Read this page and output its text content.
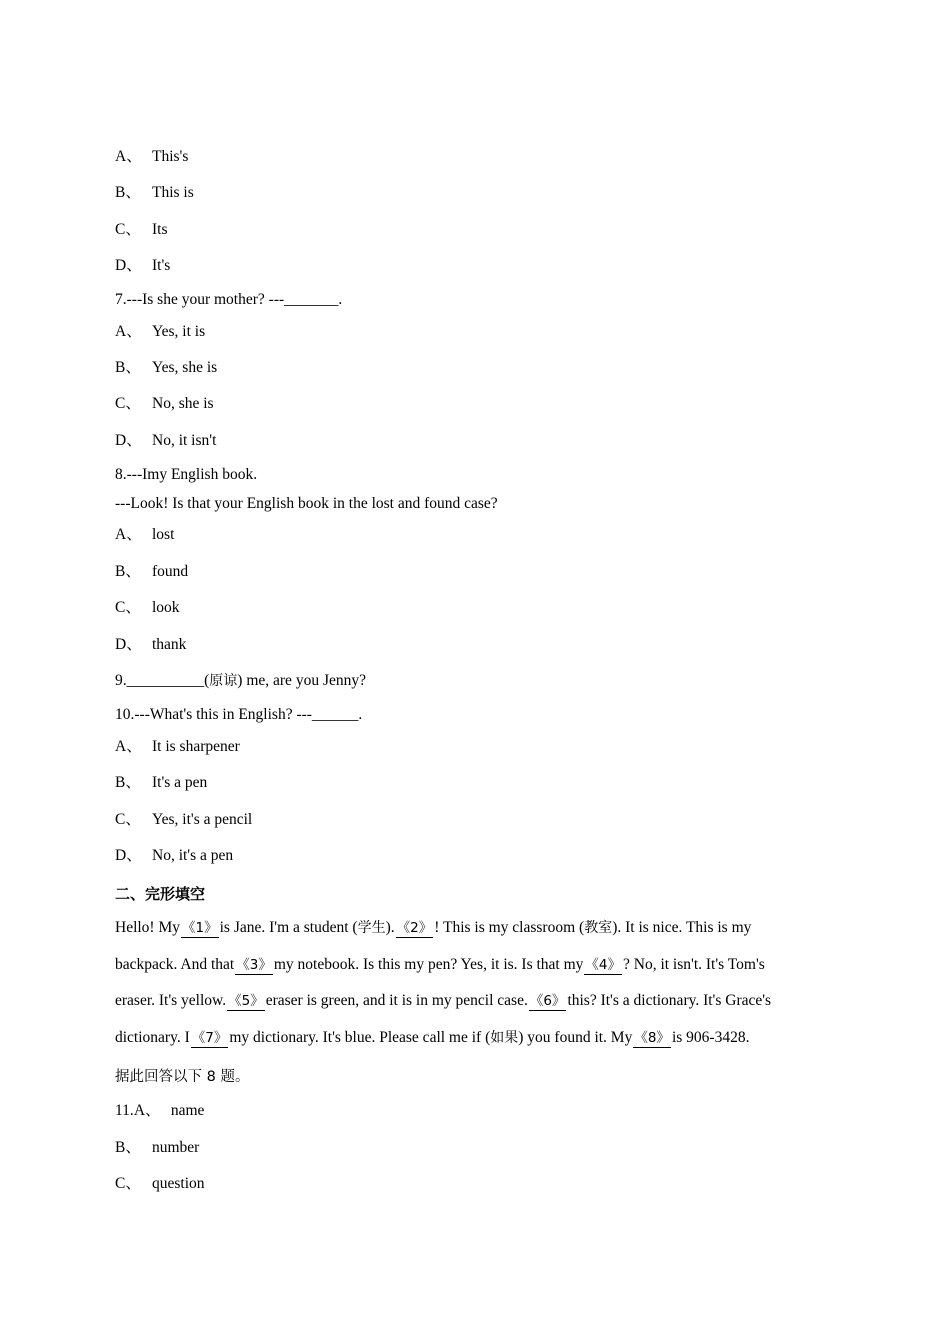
A、 This's
B、 This is
C、 Its
D、 It's
7.---Is she your mother? ---_______.
A、 Yes, it is
B、 Yes, she is
C、 No, she is
D、 No, it isn't
8.---Imy English book.
---Look! Is that your English book in the lost and found case?
A、 lost
B、 found
C、 look
D、 thank
9.__________(原谅) me, are you Jenny?
10.---What's this in English? ---______.
A、 It is sharpener
B、 It's a pen
C、 Yes, it's a pencil
D、 No, it's a pen
二、完形填空
Hello! My 《1》 is Jane. I'm a student (学生). 《2》 ! This is my classroom (教室). It is nice. This is my
backpack. And that 《3》 my notebook. Is this my pen? Yes, it is. Is that my 《4》 ? No, it isn't. It's Tom's
eraser. It's yellow. 《5》 eraser is green, and it is in my pencil case. 《6》 this? It's a dictionary. It's Grace's
dictionary. I 《7》 my dictionary. It's blue. Please call me if (如果) you found it. My 《8》 is 906-3428.
据此回答以下 8 题。
11.A、 name
B、 number
C、 question
